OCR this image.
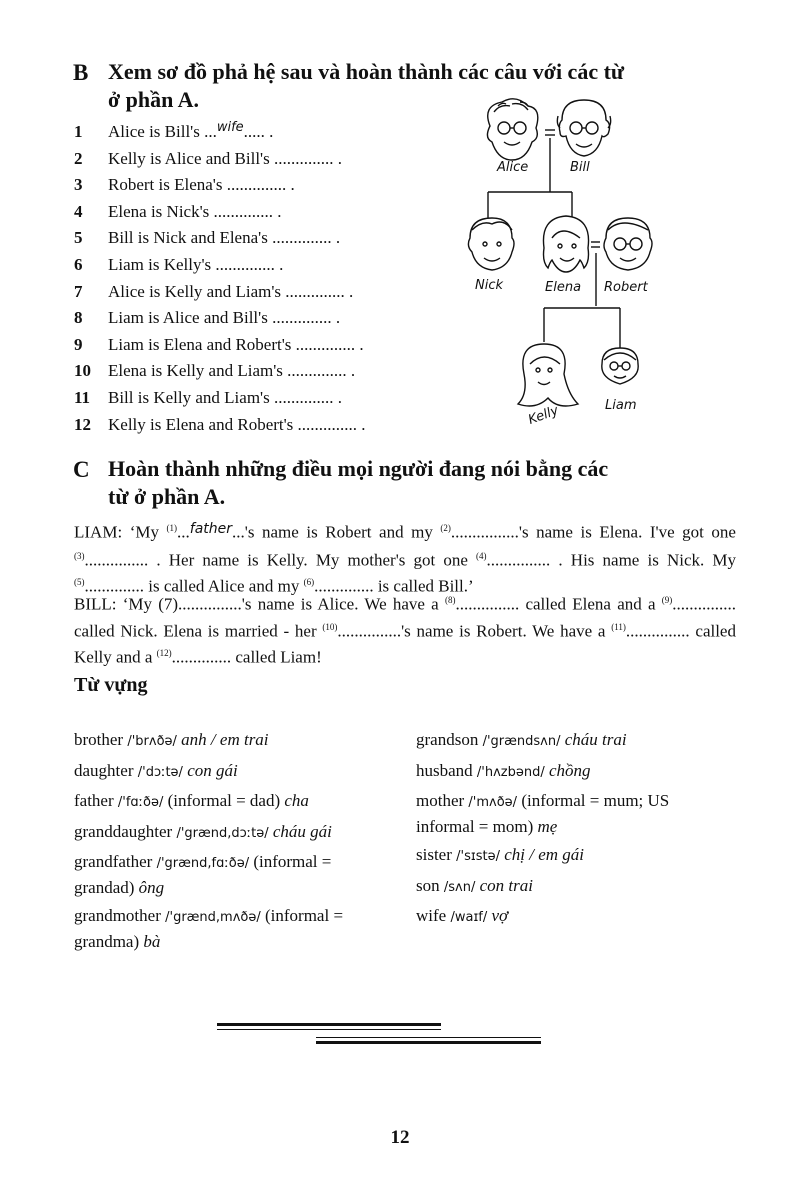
B Xem sơ đồ phả hệ sau và hoàn thành các câu với các từ
ở phần A.
1	Alice is Bill's ...wife..... .
2	Kelly is Alice and Bill's .............. .
3	Robert is Elena's .............. .
4	Elena is Nick's .............. .
5	Bill is Nick and Elena's .............. .
6	Liam is Kelly's .............. .
7	Alice is Kelly and Liam's .............. .
8	Liam is Alice and Bill's .............. .
9	Liam is Elena and Robert's .............. .
10	Elena is Kelly and Liam's .............. .
11	Bill is Kelly and Liam's .............. .
12	Kelly is Elena and Robert's .............. .
Alice	Bill
Nick	Elena Robert
Kelly	Liam
C Hoàn thành những điều mọi người đang nói bằng các
từ ở phần A.
LIAM: ‘My $^{(1)}$...father...'s name is Robert and my $^{(2)}$................'s name is Elena. I've got one $^{(3)}$............... . Her name is Kelly. My mother's got one $^{(4)}$............... . His name is Nick. My $^{(5)}$.............. is called Alice and my $^{(6)}$.............. is called Bill.’
BILL: ‘My (7)...............'s name is Alice. We have a $^{(8)}$............... called Elena and a $^{(9)}$............... called Nick. Elena is married - her $^{(10)}$...............'s name is Robert. We have a $^{(11)}$............... called Kelly and a $^{(12)}$.............. called Liam!
Từ vựng
brother /'brʌðə/ anh / em trai
daughter /'dɔːtə/ con gái
father /'fɑːðə/ (informal = dad) cha
granddaughter /'grænd,dɔːtə/ cháu gái
grandfather /'grænd,fɑːðə/ (informal =
grandad) ông
grandmother /'grænd,mʌðə/ (informal =
grandma) bà
grandson /'grændsʌn/ cháu trai
husband /'hʌzbənd/ chồng
mother /'mʌðə/ (informal = mum; US
informal = mom) mẹ
sister /'sɪstə/ chị / em gái
son /sʌn/ con trai
wife /waɪf/ vợ
12
